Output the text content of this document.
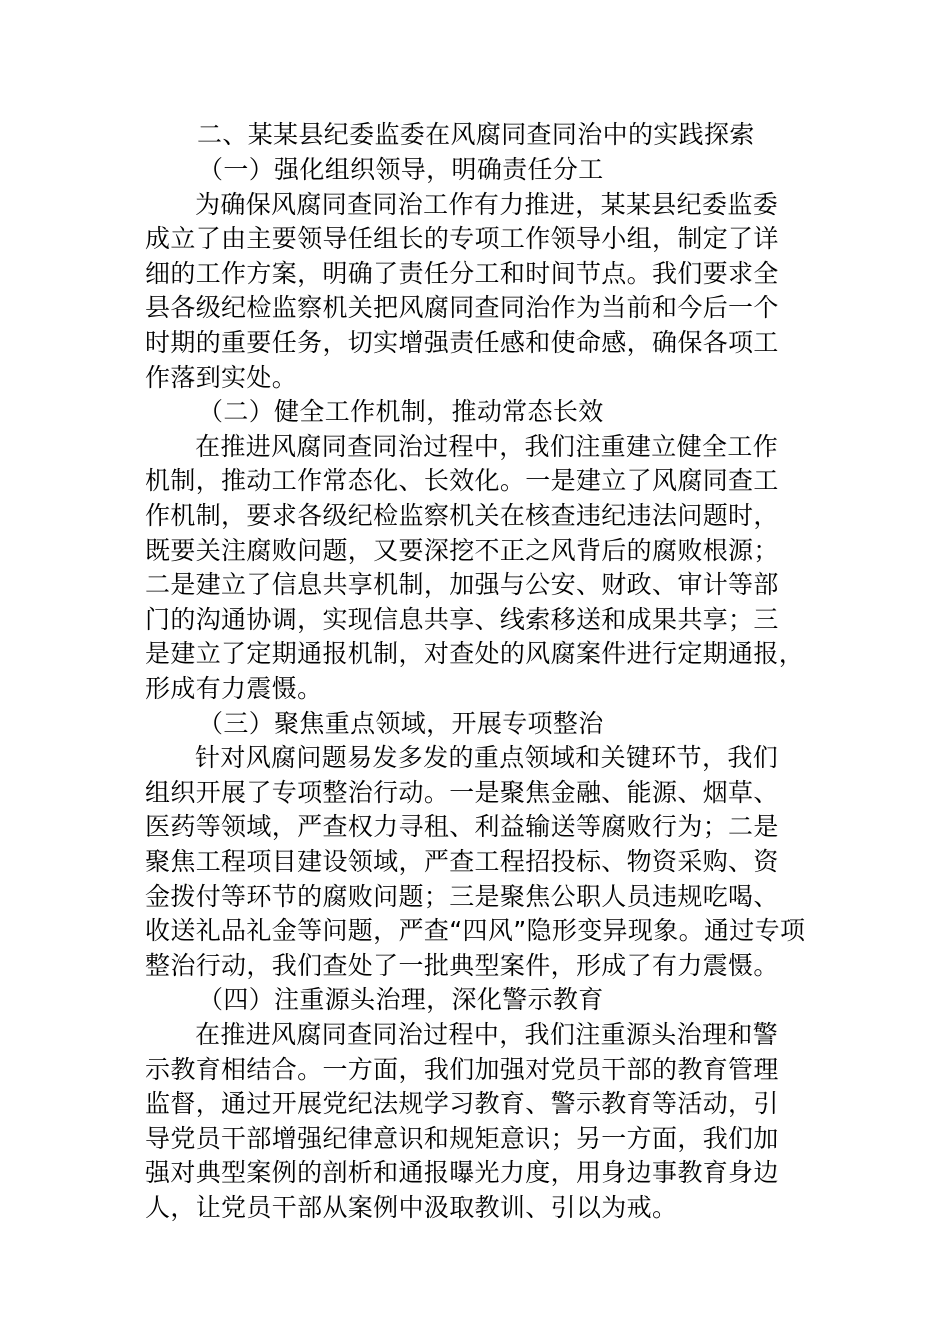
二、某某县纪委监委在风腐同查同治中的实践探索
（一）强化组织领导，明确责任分工
为确保风腐同查同治工作有力推进，某某县纪委监委
成立了由主要领导任组长的专项工作领导小组，制定了详
细的工作方案，明确了责任分工和时间节点。我们要求全
县各级纪检监察机关把风腐同查同治作为当前和今后一个
时期的重要任务，切实增强责任感和使命感，确保各项工
作落到实处。
（二）健全工作机制，推动常态长效
在推进风腐同查同治过程中，我们注重建立健全工作
机制，推动工作常态化、长效化。一是建立了风腐同查工
作机制，要求各级纪检监察机关在核查违纪违法问题时，
既要关注腐败问题，又要深挖不正之风背后的腐败根源；
二是建立了信息共享机制，加强与公安、财政、审计等部
门的沟通协调，实现信息共享、线索移送和成果共享；三
是建立了定期通报机制，对查处的风腐案件进行定期通报，
形成有力震慑。
（三）聚焦重点领域，开展专项整治
针对风腐问题易发多发的重点领域和关键环节，我们
组织开展了专项整治行动。一是聚焦金融、能源、烟草、
医药等领域，严查权力寻租、利益输送等腐败行为；二是
聚焦工程项目建设领域，严查工程招投标、物资采购、资
金拨付等环节的腐败问题；三是聚焦公职人员违规吃喝、
收送礼品礼金等问题，严查“四风”隐形变异现象。通过专项
整治行动，我们查处了一批典型案件，形成了有力震慑。
（四）注重源头治理，深化警示教育
在推进风腐同查同治过程中，我们注重源头治理和警
示教育相结合。一方面，我们加强对党员干部的教育管理
监督，通过开展党纪法规学习教育、警示教育等活动，引
导党员干部增强纪律意识和规矩意识；另一方面，我们加
强对典型案例的剖析和通报曝光力度，用身边事教育身边
人，让党员干部从案例中汲取教训、引以为戒。
